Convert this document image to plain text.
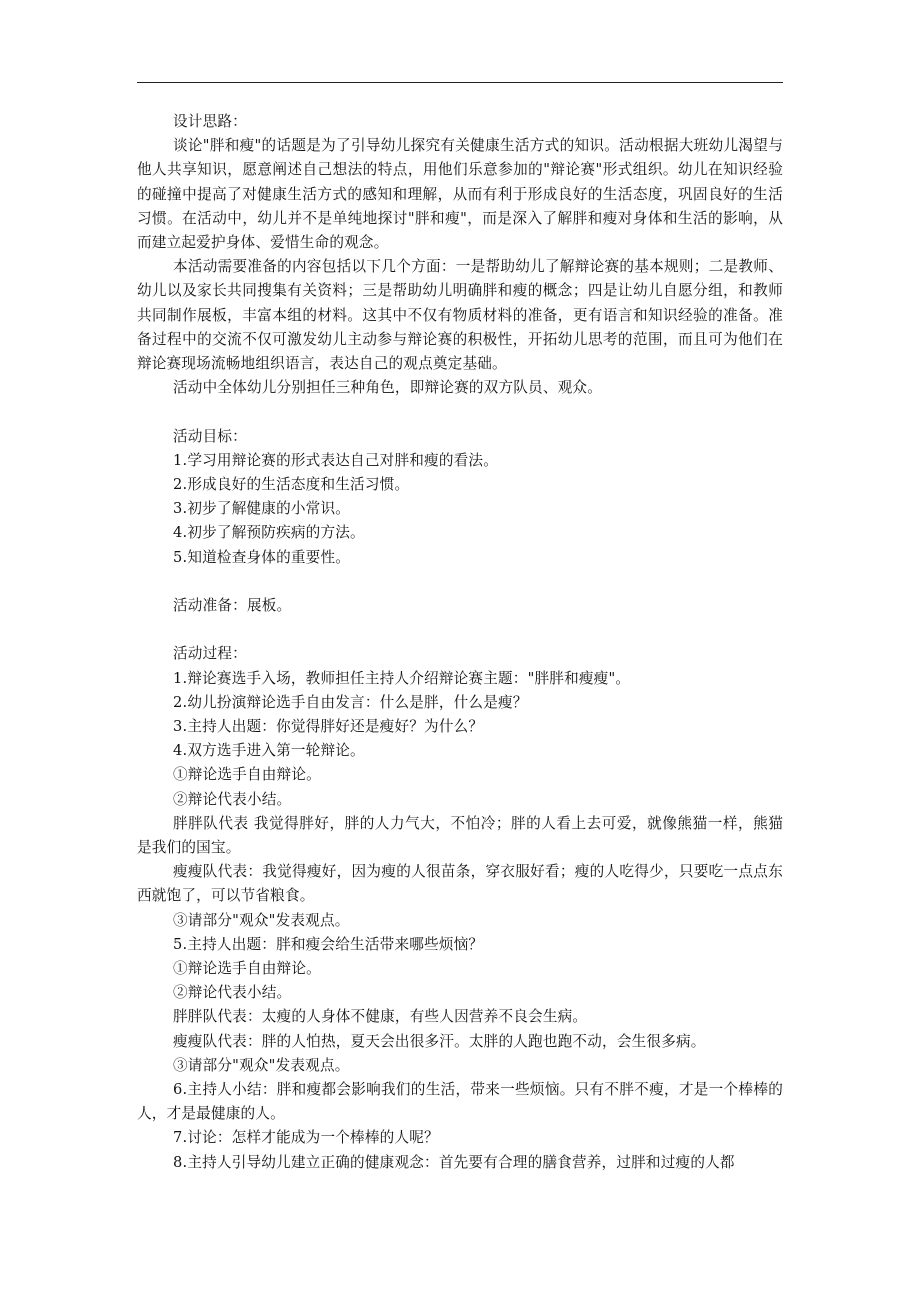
设计思路：

谈论"胖和瘦"的话题是为了引导幼儿探究有关健康生活方式的知识。活动根据大班幼儿渴望与他人共享知识，愿意阐述自己想法的特点，用他们乐意参加的"辩论赛"形式组织。幼儿在知识经验的碰撞中提高了对健康生活方式的感知和理解，从而有利于形成良好的生活态度，巩固良好的生活习惯。在活动中，幼儿并不是单纯地探讨"胖和瘦"，而是深入了解胖和瘦对身体和生活的影响，从而建立起爱护身体、爱惜生命的观念。

本活动需要准备的内容包括以下几个方面：一是帮助幼儿了解辩论赛的基本规则；二是教师、幼儿以及家长共同搜集有关资料；三是帮助幼儿明确胖和瘦的概念；四是让幼儿自愿分组，和教师共同制作展板，丰富本组的材料。这其中不仅有物质材料的准备，更有语言和知识经验的准备。准备过程中的交流不仅可激发幼儿主动参与辩论赛的积极性，开拓幼儿思考的范围，而且可为他们在辩论赛现场流畅地组织语言，表达自己的观点奠定基础。

活动中全体幼儿分别担任三种角色，即辩论赛的双方队员、观众。

活动目标：

1.学习用辩论赛的形式表达自己对胖和瘦的看法。

2.形成良好的生活态度和生活习惯。

3.初步了解健康的小常识。

4.初步了解预防疾病的方法。

5.知道检查身体的重要性。

活动准备：展板。

活动过程：

1.辩论赛选手入场，教师担任主持人介绍辩论赛主题："胖胖和瘦瘦"。

2.幼儿扮演辩论选手自由发言：什么是胖，什么是瘦？

3.主持人出题：你觉得胖好还是瘦好？为什么？

4.双方选手进入第一轮辩论。

①辩论选手自由辩论。

②辩论代表小结。

胖胖队代表 我觉得胖好，胖的人力气大，不怕冷；胖的人看上去可爱，就像熊猫一样，熊猫是我们的国宝。

瘦瘦队代表：我觉得瘦好，因为瘦的人很苗条，穿衣服好看；瘦的人吃得少，只要吃一点点东西就饱了，可以节省粮食。

③请部分"观众"发表观点。

5.主持人出题：胖和瘦会给生活带来哪些烦恼？

①辩论选手自由辩论。

②辩论代表小结。

胖胖队代表：太瘦的人身体不健康，有些人因营养不良会生病。

瘦瘦队代表：胖的人怕热，夏天会出很多汗。太胖的人跑也跑不动，会生很多病。

③请部分"观众"发表观点。

6.主持人小结：胖和瘦都会影响我们的生活，带来一些烦恼。只有不胖不瘦，才是一个棒棒的人，才是最健康的人。

7.讨论：怎样才能成为一个棒棒的人呢？

8.主持人引导幼儿建立正确的健康观念：首先要有合理的膳食营养，过胖和过瘦的人都
